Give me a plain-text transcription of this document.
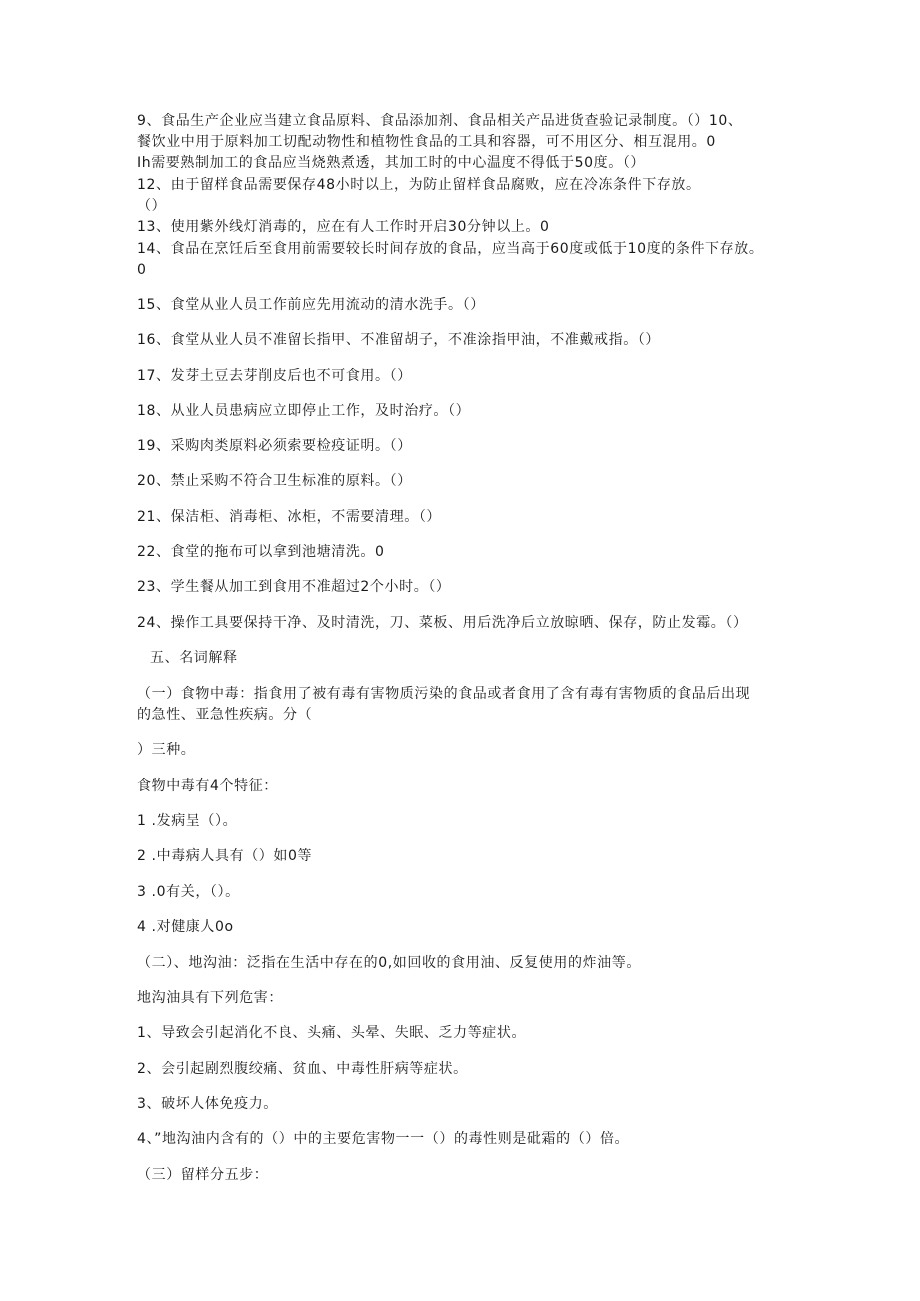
9、食品生产企业应当建立食品原料、食品添加剂、食品相关产品进货查验记录制度。（）10、
餐饮业中用于原料加工切配动物性和植物性食品的工具和容器，可不用区分、相互混用。0
Ih需要熟制加工的食品应当烧熟煮透，其加工时的中心温度不得低于50度。（）
12、由于留样食品需要保存48小时以上，为防止留样食品腐败，应在冷冻条件下存放。
（）
13、使用紫外线灯消毒的，应在有人工作时开启30分钟以上。0
14、食品在烹饪后至食用前需要较长时间存放的食品，应当高于60度或低于10度的条件下存放。
0
15、食堂从业人员工作前应先用流动的清水洗手。（）
16、食堂从业人员不准留长指甲、不准留胡子，不准涂指甲油，不准戴戒指。（）
17、发芽土豆去芽削皮后也不可食用。（）
18、从业人员患病应立即停止工作，及时治疗。（）
19、采购肉类原料必须索要检疫证明。（）
20、禁止采购不符合卫生标准的原料。（）
21、保洁柜、消毒柜、冰柜，不需要清理。（）
22、食堂的拖布可以拿到池塘清洗。0
23、学生餐从加工到食用不准超过2个小时。（）
24、操作工具要保持干净、及时清洗，刀、菜板、用后洗净后立放晾晒、保存，防止发霉。（）
五、名词解释
（一）食物中毒：指食用了被有毒有害物质污染的食品或者食用了含有毒有害物质的食品后出现
的急性、亚急性疾病。分（
）三种。
食物中毒有4个特征：
1 .发病呈（）。
2 .中毒病人具有（）如0等
3 .0有关，（）。
4 .对健康人0o
（二）、地沟油：泛指在生活中存在的0,如回收的食用油、反复使用的炸油等。
地沟油具有下列危害：
1、导致会引起消化不良、头痛、头晕、失眠、乏力等症状。
2、会引起剧烈腹绞痛、贫血、中毒性肝病等症状。
3、破坏人体免疫力。
4、”地沟油内含有的（）中的主要危害物一一（）的毒性则是砒霜的（）倍。
（三）留样分五步：
